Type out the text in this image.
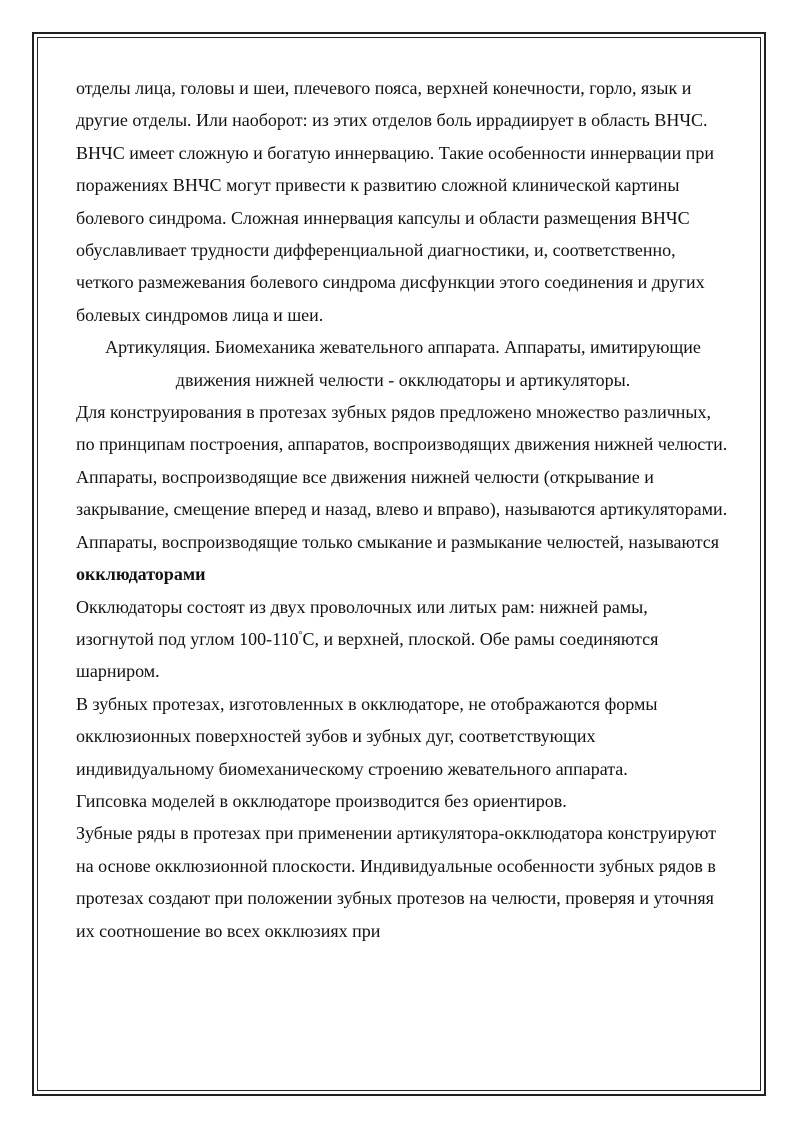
отделы лица, головы и шеи, плечевого пояса, верхней конечности, горло, язык и другие отделы. Или наоборот: из этих отделов боль иррадиирует в область ВНЧС.

ВНЧС имеет сложную и богатую иннервацию. Такие особенности иннервации при поражениях ВНЧС могут привести к развитию сложной клинической картины болевого синдрома. Сложная иннервация капсулы и области размещения ВНЧС обуславливает трудности дифференциальной диагностики, и, соответственно, четкого размежевания болевого синдрома дисфункции этого соединения и других болевых синдромов лица и шеи.

Артикуляция. Биомеханика жевательного аппарата. Аппараты, имитирующие

движения нижней челюсти - окклюдаторы и артикуляторы.

Для конструирования в протезах зубных рядов предложено множество различных, по принципам построения, аппаратов, воспроизводящих движения нижней челюсти.

Аппараты, воспроизводящие все движения нижней челюсти (открывание и закрывание, смещение вперед и назад, влево и вправо), называются артикуляторами.

Аппараты, воспроизводящие только смыкание и размыкание челюстей, называются окклюдаторами

Окклюдаторы состоят из двух проволочных или литых рам: нижней рамы, изогнутой под углом 100-110°С, и верхней, плоской. Обе рамы соединяются шарниром.

В зубных протезах, изготовленных в окклюдаторе, не отображаются формы окклюзионных поверхностей зубов и зубных дуг, соответствующих индивидуальному биомеханическому строению жевательного аппарата.

Гипсовка моделей в окклюдаторе производится без ориентиров.

Зубные ряды в протезах при применении артикулятора-окклюдатора конструируют на основе окклюзионной плоскости. Индивидуальные особенности зубных рядов в протезах создают при положении зубных протезов на челюсти, проверяя и уточняя их соотношение во всех окклюзиях при
